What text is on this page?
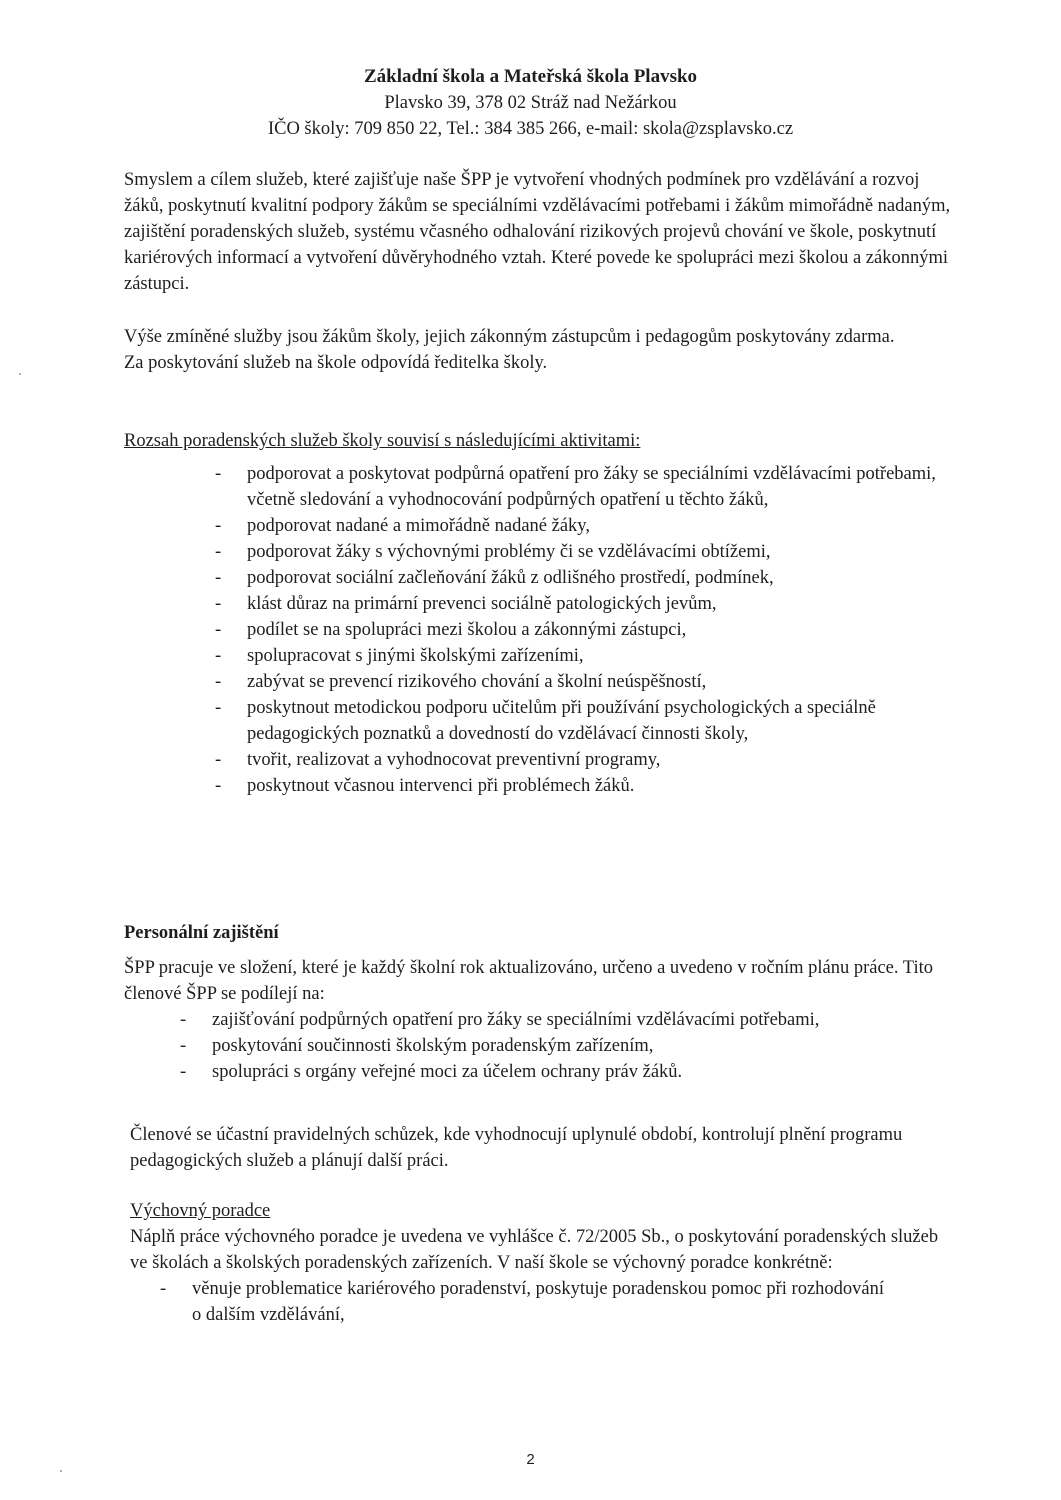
Základní škola a Mateřská škola Plavsko
Plavsko 39, 378 02 Stráž nad Nežárkou
IČO školy: 709 850 22, Tel.: 384 385 266, e-mail: skola@zsplavsko.cz

Smyslem a cílem služeb, které zajišťuje naše ŠPP je vytvoření vhodných podmínek pro vzdělávání a rozvoj žáků, poskytnutí kvalitní podpory žákům se speciálními vzdělávacími potřebami i žákům mimořádně nadaným, zajištění poradenských služeb, systému včasného odhalování rizikových projevů chování ve škole, poskytnutí kariérových informací a vytvoření důvěryhodného vztah. Které povede ke spolupráci mezi školou a zákonnými zástupci.

Výše zmíněné služby jsou žákům školy, jejich zákonným zástupcům i pedagogům poskytovány zdarma.

Za poskytování služeb na škole odpovídá ředitelka školy.

Rozsah poradenských služeb školy souvisí s následujícími aktivitami:

- podporovat a poskytovat podpůrná opatření pro žáky se speciálními vzdělávacími potřebami, včetně sledování a vyhodnocování podpůrných opatření u těchto žáků,
- podporovat nadané a mimořádně nadané žáky,
- podporovat žáky s výchovnými problémy či se vzdělávacími obtížemi,
- podporovat sociální začleňování žáků z odlišného prostředí, podmínek,
- klást důraz na primární prevenci sociálně patologických jevům,
- podílet se na spolupráci mezi školou a zákonnými zástupci,
- spolupracovat s jinými školskými zařízeními,
- zabývat se prevencí rizikového chování a školní neúspěšností,
- poskytnout metodickou podporu učitelům při používání psychologických a speciálně pedagogických poznatků a dovedností do vzdělávací činnosti školy,
- tvořit, realizovat a vyhodnocovat preventivní programy,
- poskytnout včasnou intervenci při problémech žáků.

Personální zajištění

ŠPP pracuje ve složení, které je každý školní rok aktualizováno, určeno a uvedeno v ročním plánu práce. Tito členové ŠPP se podílejí na:

- zajišťování podpůrných opatření pro žáky se speciálními vzdělávacími potřebami,
- poskytování součinnosti školským poradenským zařízením,
- spolupráci s orgány veřejné moci za účelem ochrany práv žáků.

Členové se účastní pravidelných schůzek, kde vyhodnocují uplynulé období, kontrolují plnění programu pedagogických služeb a plánují další práci.

Výchovný poradce

Náplň práce výchovného poradce je uvedena ve vyhlášce č. 72/2005 Sb., o poskytování poradenských služeb ve školách a školských poradenských zařízeních. V naší škole se výchovný poradce konkrétně:

- věnuje problematice kariérového poradenství, poskytuje poradenskou pomoc při rozhodování o dalším vzdělávání,
2
